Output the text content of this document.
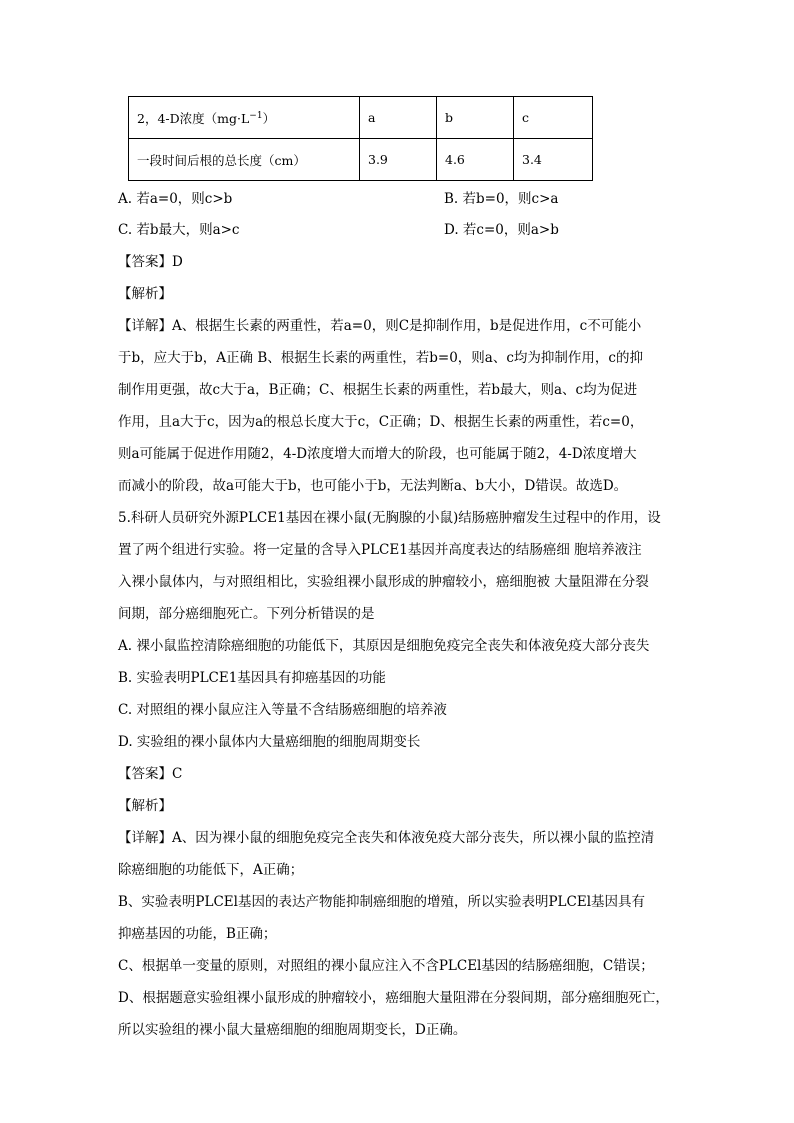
2，4-D浓度$(mg\cdot L^{-1})$	a	b	c
一段时间后根的总长度（cm）	3.9	4.6	3.4
A. 若a=0，则c>b	B. 若b=0，则c>a
C. 若b最大，则a>c	D. 若c=0，则a>b
【答案】D
【解析】
【详解】A、根据生长素的两重性，若a=0，则C是抑制作用，b是促进作用，c不可能小
于b，应大于b，A正确 B、根据生长素的两重性，若b=0，则a、c均为抑制作用，c的抑
制作用更强，故c大于a，B正确；C、根据生长素的两重性，若b最大，则a、c均为促进
作用，且a大于c，因为a的根总长度大于c，C正确；D、根据生长素的两重性，若c=0，
则a可能属于促进作用随2，4-D浓度增大而增大的阶段，也可能属于随2，4-D浓度增大
而减小的阶段，故a可能大于b，也可能小于b，无法判断a、b大小，D错误。故选D。
5.科研人员研究外源PLCE1基因在裸小鼠(无胸腺的小鼠)结肠癌肿瘤发生过程中的作用，设
置了两个组进行实验。将一定量的含导入PLCE1基因并高度表达的结肠癌细 胞培养液注
入裸小鼠体内，与对照组相比，实验组裸小鼠形成的肿瘤较小，癌细胞被 大量阻滞在分裂
间期，部分癌细胞死亡。下列分析错误的是
A. 裸小鼠监控清除癌细胞的功能低下，其原因是细胞免疫完全丧失和体液免疫大部分丧失
B. 实验表明PLCE1基因具有抑癌基因的功能
C. 对照组的裸小鼠应注入等量不含结肠癌细胞的培养液
D. 实验组的裸小鼠体内大量癌细胞的细胞周期变长
【答案】C
【解析】
【详解】A、因为裸小鼠的细胞免疫完全丧失和体液免疫大部分丧失，所以裸小鼠的监控清
除癌细胞的功能低下，A正确；
B、实验表明PLCEl基因的表达产物能抑制癌细胞的增殖，所以实验表明PLCEl基因具有
抑癌基因的功能，B正确；
C、根据单一变量的原则，对照组的裸小鼠应注入不含PLCEl基因的结肠癌细胞，C错误；
D、根据题意实验组裸小鼠形成的肿瘤较小，癌细胞大量阻滞在分裂间期，部分癌细胞死亡，
所以实验组的裸小鼠大量癌细胞的细胞周期变长，D正确。
